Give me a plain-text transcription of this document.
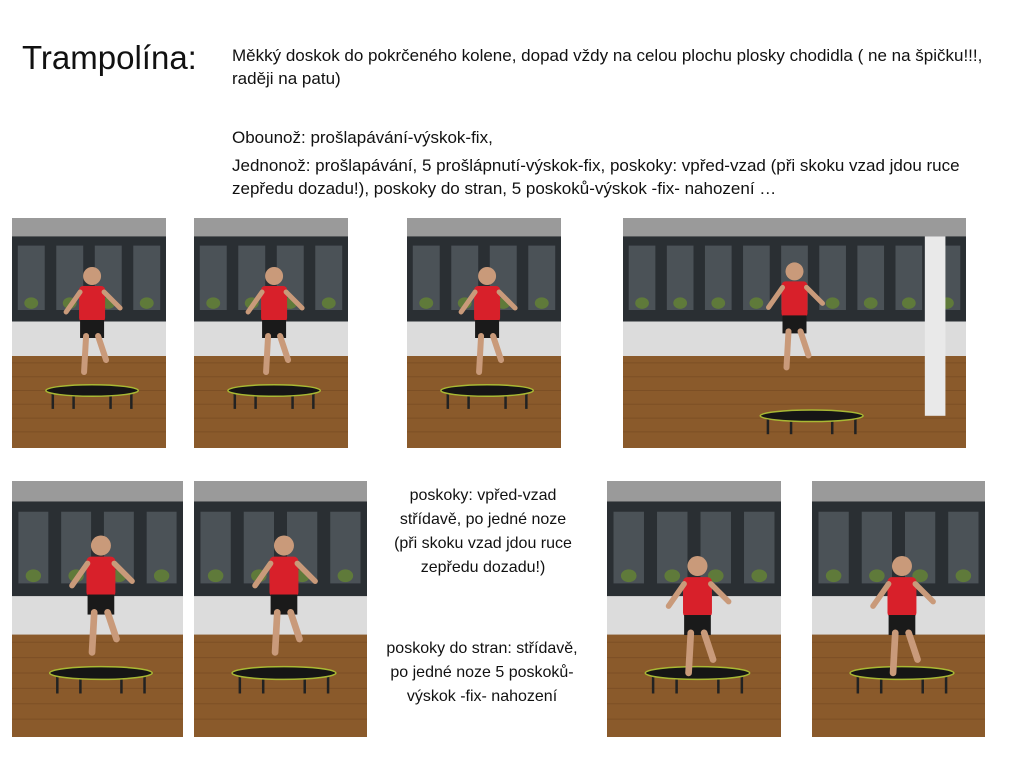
Trampolína: Měkký doskok do pokrčeného kolene, dopad vždy na celou plochu plosky chodidla ( ne na špičku!!!, raději na patu)
Obounož: prošlapávání-výskok-fix,
Jednonož: prošlapávání, 5 prošlápnutí-výskok-fix, poskoky: vpřed-vzad (při skoku vzad jdou ruce zepředu dozadu!), poskoky do stran, 5 poskoků-výskok -fix- nahození …
poskoky: vpřed-vzad střídavě, po jedné noze (při skoku vzad jdou ruce zepředu dozadu!)
poskoky do stran: střídavě, po jedné noze 5 poskoků-výskok -fix- nahození
